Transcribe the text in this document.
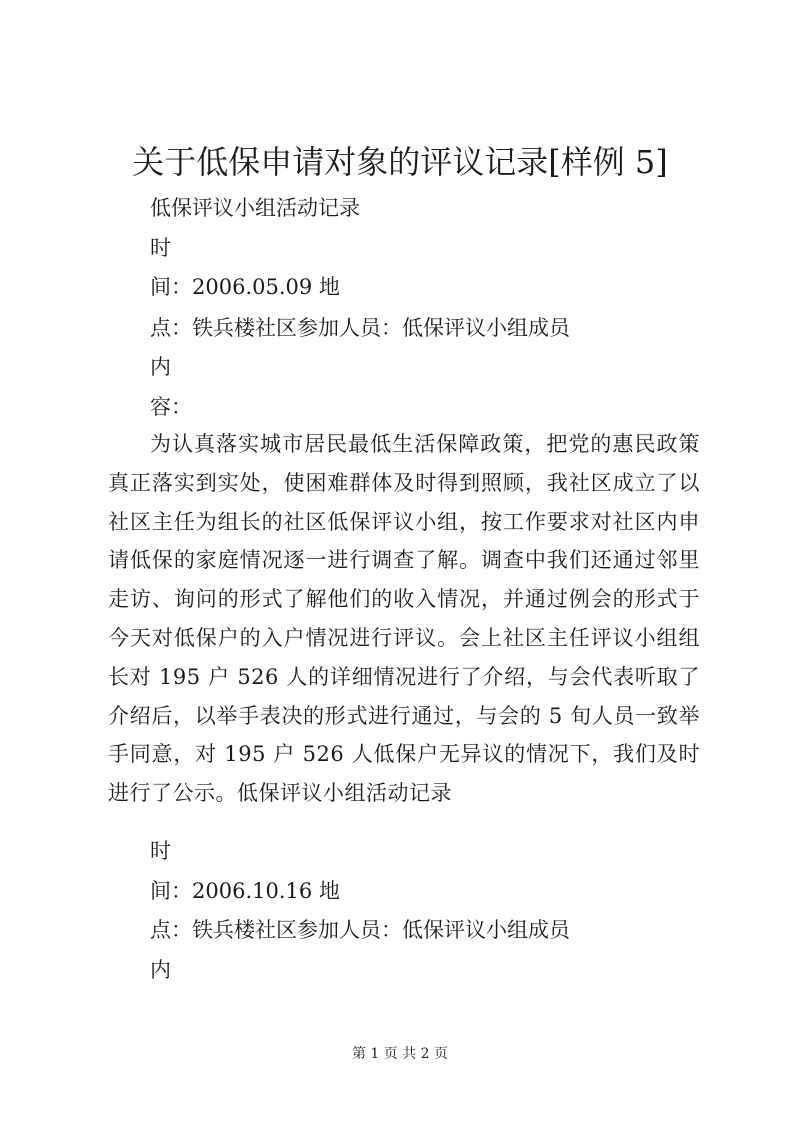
关于低保申请对象的评议记录[样例 5]
低保评议小组活动记录
时
间：2006.05.09 地
点：铁兵楼社区参加人员：低保评议小组成员
内
容：
为认真落实城市居民最低生活保障政策，把党的惠民政策真正落实到实处，使困难群体及时得到照顾，我社区成立了以社区主任为组长的社区低保评议小组，按工作要求对社区内申请低保的家庭情况逐一进行调查了解。调查中我们还通过邻里走访、询问的形式了解他们的收入情况，并通过例会的形式于今天对低保户的入户情况进行评议。会上社区主任评议小组组长对 195 户 526 人的详细情况进行了介绍，与会代表听取了介绍后，以举手表决的形式进行通过，与会的 5 旬人员一致举手同意，对 195 户 526 人低保户无异议的情况下，我们及时进行了公示。低保评议小组活动记录
时
间：2006.10.16 地
点：铁兵楼社区参加人员：低保评议小组成员
内
第 1 页 共 2 页
